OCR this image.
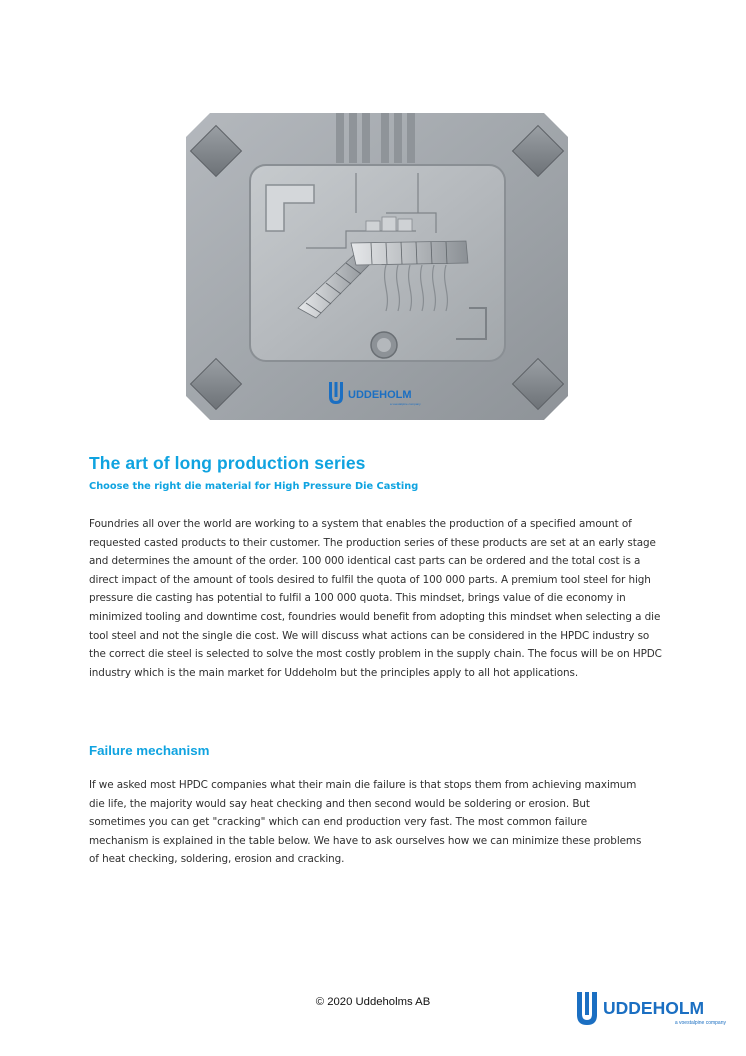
UDDEHOLM
a voestalpine company
The art of long production series
Choose the right die material for High Pressure Die Casting

Foundries all over the world are working to a system that enables the production of a specified amount of requested casted products to their customer. The production series of these products are set at an early stage and determines the amount of the order. 100 000 identical cast parts can be ordered and the total cost is a direct impact of the amount of tools desired to fulfil the quota of 100 000 parts. A premium tool steel for high pressure die casting has potential to fulfil a 100 000 quota. This mindset, brings value of die economy in minimized tooling and downtime cost, foundries would benefit from adopting this mindset when selecting a die tool steel and not the single die cost. We will discuss what actions can be considered in the HPDC industry so the correct die steel is selected to solve the most costly problem in the supply chain. The focus will be on HPDC industry which is the main market for Uddeholm but the principles apply to all hot applications.

Failure mechanism

If we asked most HPDC companies what their main die failure is that stops them from achieving maximum die life, the majority would say heat checking and then second would be soldering or erosion. But sometimes you can get "cracking" which can end production very fast. The most common failure mechanism is explained in the table below. We have to ask ourselves how we can minimize these problems of heat checking, soldering, erosion and cracking.

© 2020 Uddeholms AB	UDDEHOLM
a voestalpine company
